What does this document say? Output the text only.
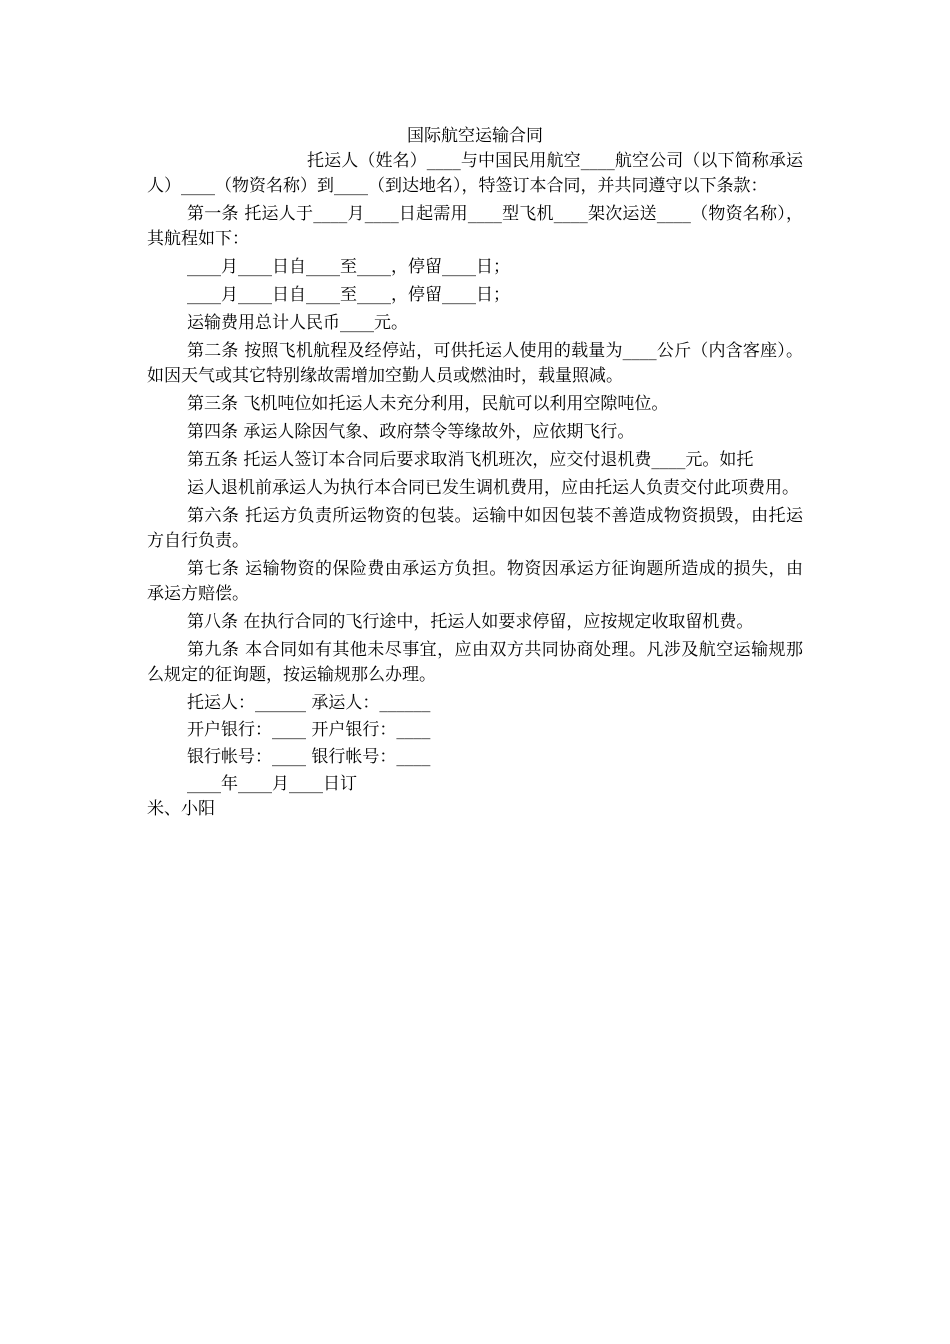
国际航空运输合同

托运人（姓名）____与中国民用航空____航空公司（以下简称承运人）____（物资名称）到____（到达地名），特签订本合同，并共同遵守以下条款：

第一条 托运人于____月____日起需用____型飞机____架次运送____（物资名称），其航程如下：

____月____日自____至____，停留____日；

____月____日自____至____，停留____日；

运输费用总计人民币____元。

第二条 按照飞机航程及经停站，可供托运人使用的载量为____公斤（内含客座）。如因天气或其它特别缘故需增加空勤人员或燃油时，载量照减。

第三条 飞机吨位如托运人未充分利用，民航可以利用空隙吨位。

第四条 承运人除因气象、政府禁令等缘故外，应依期飞行。

第五条 托运人签订本合同后要求取消飞机班次，应交付退机费____元。如托

运人退机前承运人为执行本合同已发生调机费用，应由托运人负责交付此项费用。

第六条 托运方负责所运物资的包装。运输中如因包装不善造成物资损毁，由托运方自行负责。

第七条 运输物资的保险费由承运方负担。物资因承运方征询题所造成的损失，由承运方赔偿。

第八条 在执行合同的飞行途中，托运人如要求停留，应按规定收取留机费。

第九条 本合同如有其他未尽事宜，应由双方共同协商处理。凡涉及航空运输规那么规定的征询题，按运输规那么办理。

托运人：______ 承运人：______

开户银行：____ 开户银行：____

银行帐号：____ 银行帐号：____

____年____月____日订

米、小阳
